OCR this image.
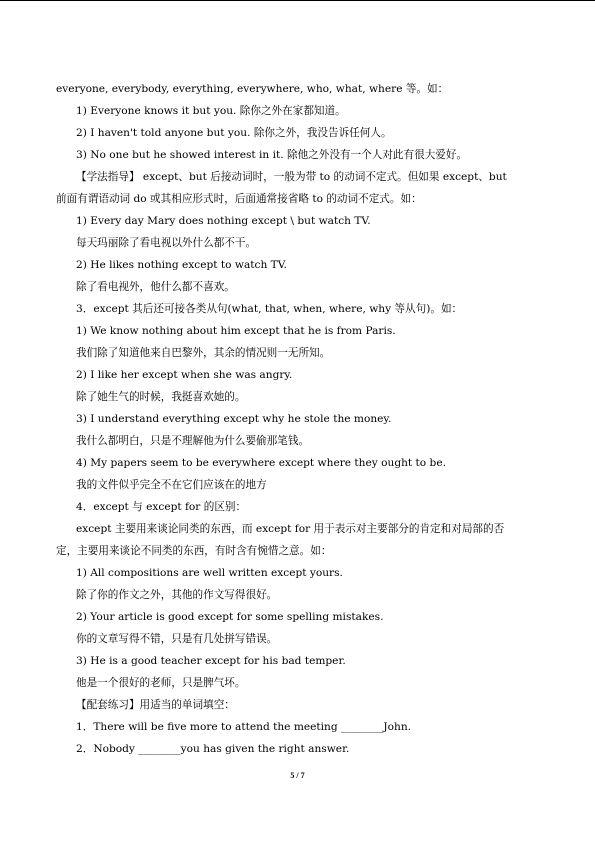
everyone, everybody, everything, everywhere, who, what, where 等。如：
1) Everyone knows it but you. 除你之外在家都知道。
2) I haven't told anyone but you. 除你之外，我没告诉任何人。
3) No one but he showed interest in it. 除他之外没有一个人对此有很大爱好。
【学法指导】 except、but 后接动词时，一般为带 to 的动词不定式。但如果 except、but
前面有谓语动词 do 或其相应形式时，后面通常接省略 to 的动词不定式。如：
1) Every day Mary does nothing except \ but watch TV.
每天玛丽除了看电视以外什么都不干。
2) He likes nothing except to watch TV.
除了看电视外，他什么都不喜欢。
3．except 其后还可接各类从句(what, that, when, where, why 等从句)。如：
1) We know nothing about him except that he is from Paris.
我们除了知道他来自巴黎外，其余的情况则一无所知。
2) I like her except when she was angry.
除了她生气的时候，我挺喜欢她的。
3) I understand everything except why he stole the money.
我什么都明白，只是不理解他为什么要偷那笔钱。
4) My papers seem to be everywhere except where they ought to be.
我的文件似乎完全不在它们应该在的地方
4．except 与 except for 的区别：
except 主要用来谈论同类的东西，而 except for 用于表示对主要部分的肯定和对局部的否
定，主要用来谈论不同类的东西，有时含有惋惜之意。如：
1) All compositions are well written except yours.
除了你的作文之外，其他的作文写得很好。
2) Your article is good except for some spelling mistakes.
你的文章写得不错，只是有几处拼写错误。
3) He is a good teacher except for his bad temper.
他是一个很好的老师，只是脾气坏。
【配套练习】用适当的单词填空：
1．There will be five more to attend the meeting ________John.
2．Nobody ________you has given the right answer.
5 / 7
